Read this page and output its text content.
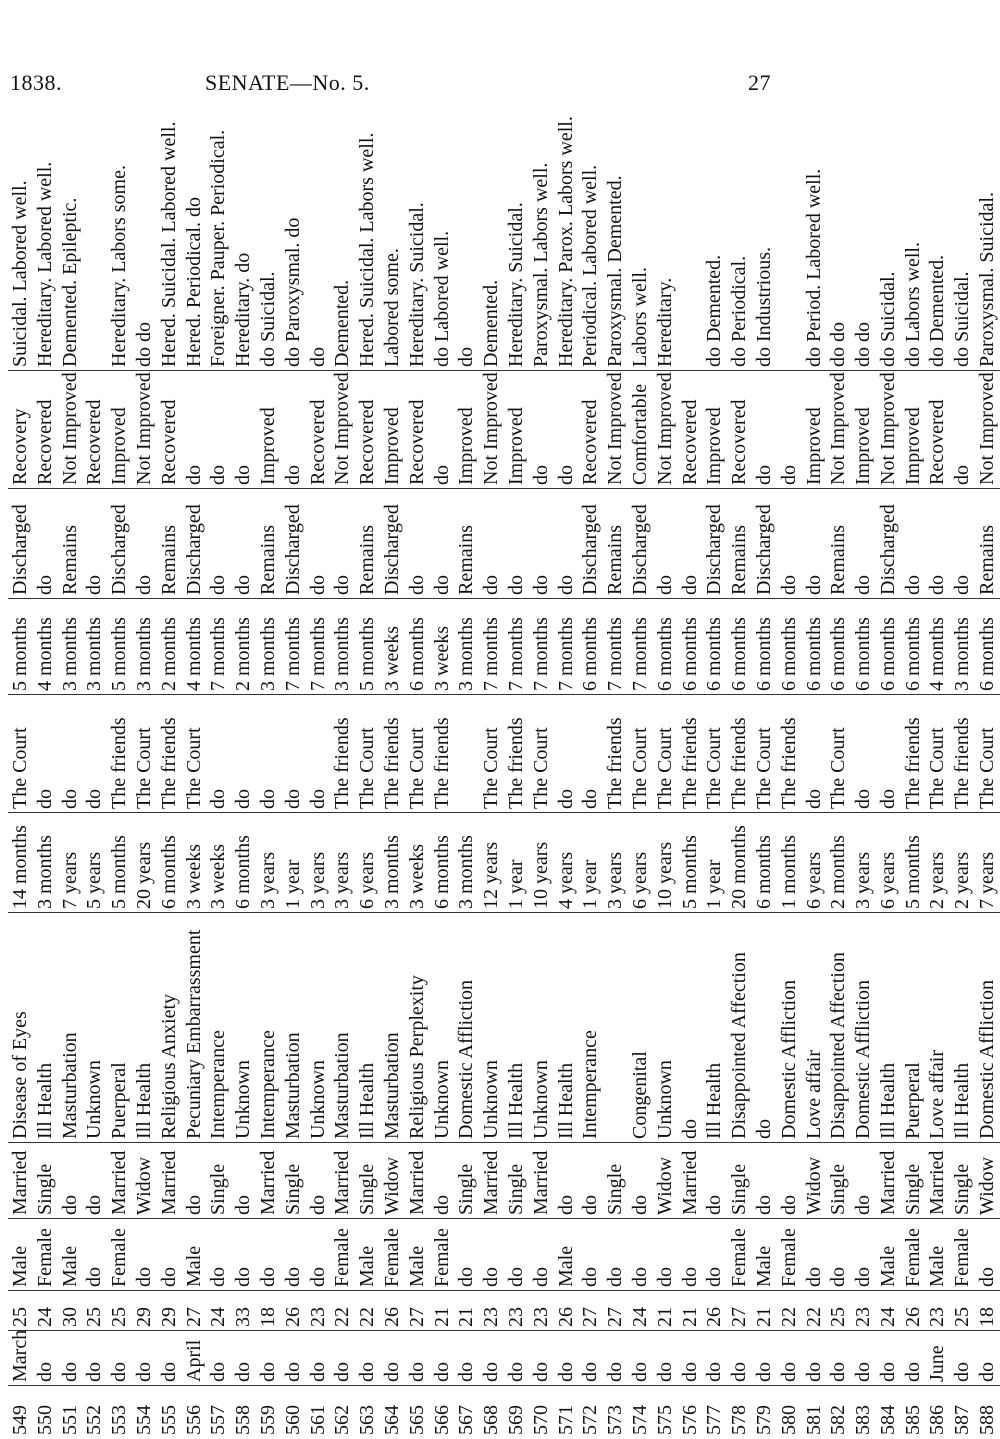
1838.	SENATE—No. 5.	27
549
March
25
Male
Married
Disease of Eyes
14 months
The Court
5 months
Discharged
Recovery
Suicidal. Labored well.
550
do
24
Female
Single
Ill Health
3 months
do
4 months
do
Recovered
Hereditary. Labored well.
551
do
30
Male
do
Masturbation
7 years
do
3 months
Remains
Not Improved
Demented. Epileptic.
552
do
25
do
do
Unknown
5 years
do
3 months
do
Recovered
553
do
25
Female
Married
Puerperal
5 months
The friends
5 months
Discharged
Improved
Hereditary. Labors some.
554
do
29
do
Widow
Ill Health
20 years
The Court
3 months
do
Not Improved
do do
555
do
29
do
Married
Religious Anxiety
6 months
The friends
2 months
Remains
Recovered
Hered. Suicidal. Labored well.
556
April
27
Male
do
Pecuniary Embarrassment
3 weeks
The Court
4 months
Discharged
do
Hered. Periodical. do
557
do
24
do
Single
Intemperance
3 weeks
do
7 months
do
do
Foreigner. Pauper. Periodical.
558
do
33
do
do
Unknown
6 months
do
2 months
do
do
Hereditary. do
559
do
18
do
Married
Intemperance
3 years
do
3 months
Remains
Improved
do Suicidal.
560
do
26
do
Single
Masturbation
1 year
do
7 months
Discharged
do
do Paroxysmal. do
561
do
23
do
do
Unknown
3 years
do
7 months
do
Recovered
do
562
do
22
Female
Married
Masturbation
3 years
The friends
3 months
do
Not Improved
Demented.
563
do
22
Male
Single
Ill Health
6 years
The Court
5 months
Remains
Recovered
Hered. Suicidal. Labors well.
564
do
26
Female
Widow
Masturbation
3 months
The friends
3 weeks
Discharged
Improved
Labored some.
565
do
27
Male
Married
Religious Perplexity
3 weeks
The Court
6 months
do
Recovered
Hereditary. Suicidal.
566
do
21
Female
do
Unknown
6 months
The friends
3 weeks
do
do
do Labored well.
567
do
21
do
Single
Domestic Affliction
3 months
3 months
Remains
Improved
do
568
do
23
do
Married
Unknown
12 years
The Court
7 months
do
Not Improved
Demented.
569
do
23
do
Single
Ill Health
1 year
The friends
7 months
do
Improved
Hereditary. Suicidal.
570
do
23
do
Married
Unknown
10 years
The Court
7 months
do
do
Paroxysmal. Labors well.
571
do
26
Male
do
Ill Health
4 years
do
7 months
do
do
Hereditary. Parox. Labors well.
572
do
27
do
do
Intemperance
1 year
do
6 months
Discharged
Recovered
Periodical. Labored well.
573
do
27
do
Single
3 years
The friends
7 months
Remains
Not Improved
Paroxysmal. Demented.
574
do
24
do
do
Congenital
6 years
The Court
7 months
Discharged
Comfortable
Labors well.
575
do
21
do
Widow
Unknown
10 years
The Court
6 months
do
Not Improved
Hereditary.
576
do
21
do
Married
do
5 months
The friends
6 months
do
Recovered
577
do
26
do
do
Ill Health
1 year
The Court
6 months
Discharged
Improved
do Demented.
578
do
27
Female
Single
Disappointed Affection
20 months
The friends
6 months
Remains
Recovered
do Periodical.
579
do
21
Male
do
do
6 months
The Court
6 months
Discharged
do
do Industrious.
580
do
22
Female
do
Domestic Affliction
1 months
The friends
6 months
do
do
581
do
22
do
Widow
Love affair
6 years
do
6 months
do
Improved
do Period. Labored well.
582
do
25
do
Single
Disappointed Affection
2 months
The Court
6 months
Remains
Not Improved
do do
583
do
23
do
do
Domestic Affliction
3 years
do
6 months
do
Improved
do do
584
do
24
Male
Married
Ill Health
6 years
do
6 months
Discharged
Not Improved
do Suicidal.
585
do
26
Female
Single
Puerperal
5 months
The friends
6 months
do
Improved
do Labors well.
586
June
23
Male
Married
Love affair
2 years
The Court
4 months
do
Recovered
do Demented.
587
do
25
Female
Single
Ill Health
2 years
The friends
3 months
do
do
do Suicidal.
588
do
18
do
Widow
Domestic Affliction
7 years
The Court
6 months
Remains
Not Improved
Paroxysmal. Suicidal.
